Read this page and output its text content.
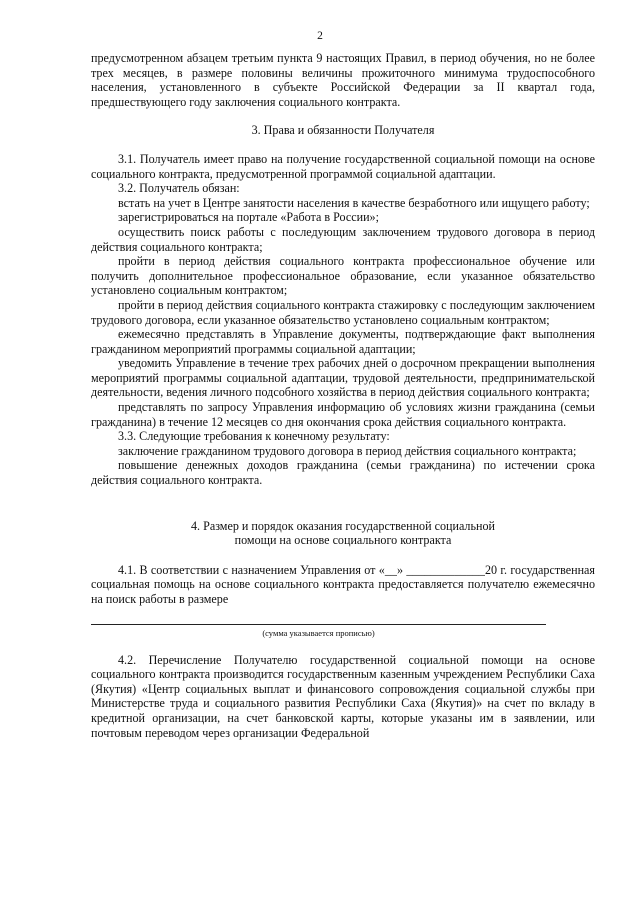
2

предусмотренном абзацем третьим пункта 9 настоящих Правил, в период обучения, но не более трех месяцев, в размере половины величины прожиточного минимума трудоспособного населения, установленного в субъекте Российской Федерации за II квартал года, предшествующего году заключения социального контракта.

3. Права и обязанности Получателя

3.1. Получатель имеет право на получение государственной социальной помощи на основе социального контракта, предусмотренной программой социальной адаптации.

3.2. Получатель обязан:

встать на учет в Центре занятости населения в качестве безработного или ищущего работу;

зарегистрироваться на портале «Работа в России»;

осуществить поиск работы с последующим заключением трудового договора в период действия социального контракта;

пройти в период действия социального контракта профессиональное обучение или получить дополнительное профессиональное образование, если указанное обязательство установлено социальным контрактом;

пройти в период действия социального контракта стажировку с последующим заключением трудового договора, если указанное обязательство установлено социальным контрактом;

ежемесячно представлять в Управление документы, подтверждающие факт выполнения гражданином мероприятий программы социальной адаптации;

уведомить Управление в течение трех рабочих дней о досрочном прекращении выполнения мероприятий программы социальной адаптации, трудовой деятельности, предпринимательской деятельности, ведения личного подсобного хозяйства в период действия социального контракта;

представлять по запросу Управления информацию об условиях жизни гражданина (семьи гражданина) в течение 12 месяцев со дня окончания срока действия социального контракта.

3.3. Следующие требования к конечному результату:

заключение гражданином трудового договора в период действия социального контракта;

повышение денежных доходов гражданина (семьи гражданина) по истечении срока действия социального контракта.

4. Размер и порядок оказания государственной социальной

помощи на основе социального контракта

4.1. В соответствии с назначением Управления от «__» _____________20 г. государственная социальная помощь на основе социального контракта предоставляется получателю ежемесячно на поиск работы в размере

(сумма указывается прописью)

4.2. Перечисление Получателю государственной социальной помощи на основе социального контракта производится государственным казенным учреждением Республики Саха (Якутия) «Центр социальных выплат и финансового сопровождения социальной службы при Министерстве труда и социального развития Республики Саха (Якутия)» на счет по вкладу в кредитной организации, на счет банковской карты, которые указаны им в заявлении, или почтовым переводом через организации Федеральной
